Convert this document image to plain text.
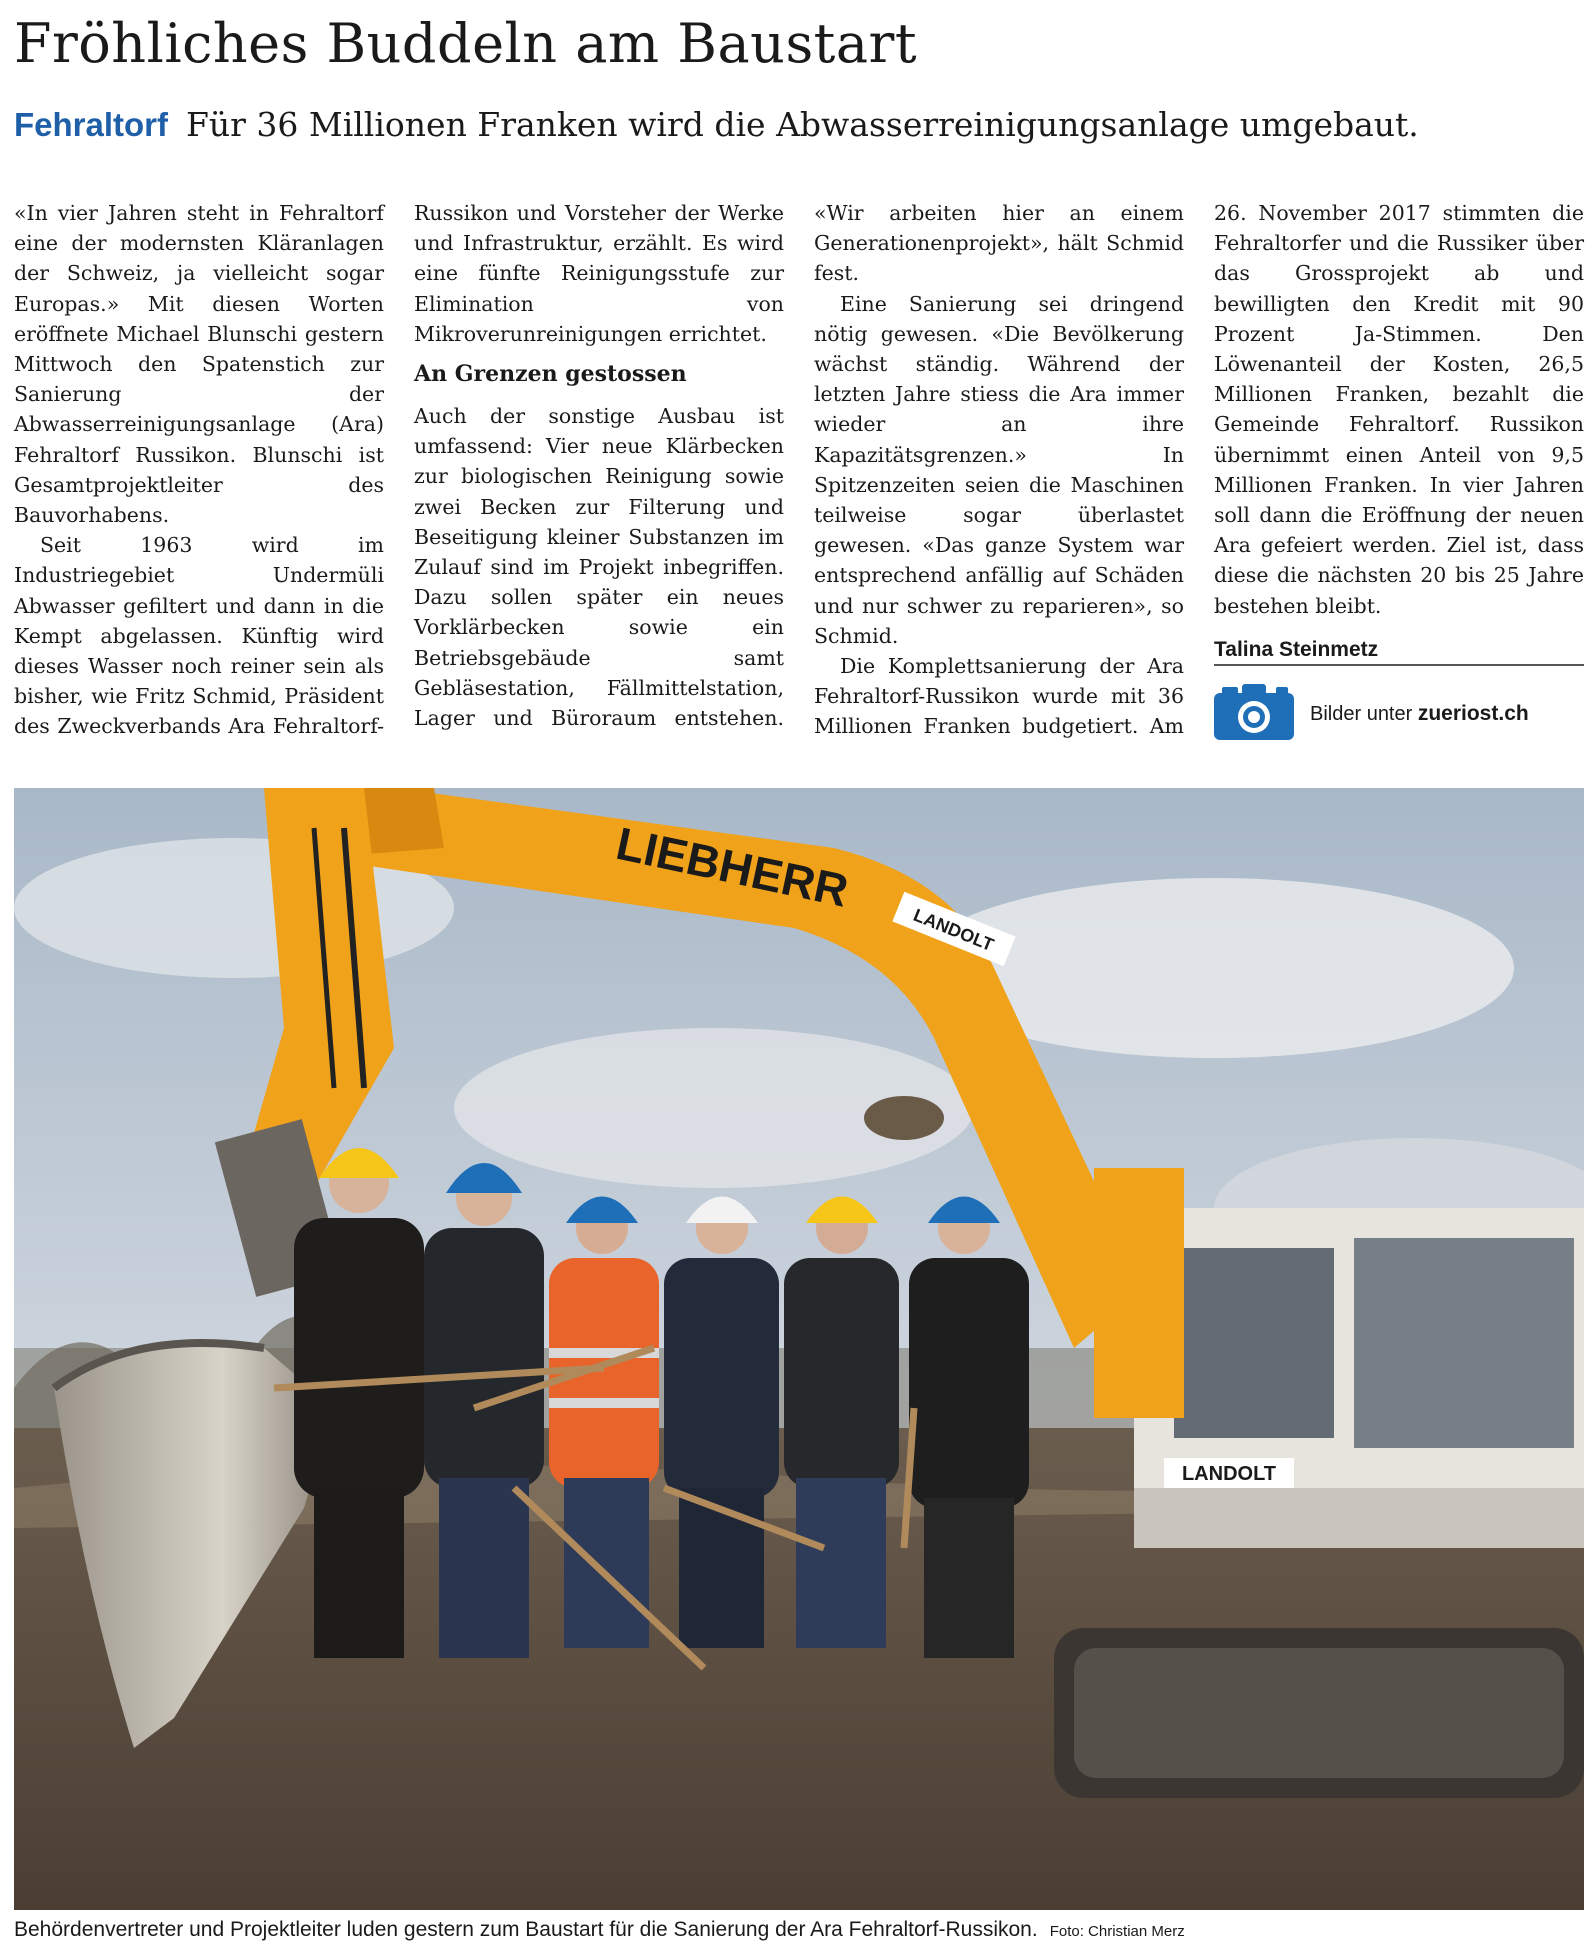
Fröhliches Buddeln am Baustart
Fehraltorf Für 36 Millionen Franken wird die Abwasserreinigungsanlage umgebaut.

«In vier Jahren steht in Fehraltorf eine der modernsten Kläranlagen der Schweiz, ja vielleicht sogar Europas.» Mit diesen Worten eröffnete Michael Blunschi gestern Mittwoch den Spatenstich zur Sanierung der Abwasserreinigungsanlage (Ara) Fehraltorf Russikon. Blunschi ist Gesamtprojektleiter des Bauvorhabens.

Seit 1963 wird im Industriegebiet Undermüli Abwasser gefiltert und dann in die Kempt abgelassen. Künftig wird dieses Wasser noch reiner sein als bisher, wie Fritz Schmid, Präsident des Zweckverbands Ara Fehraltorf-Russikon und Vorsteher der Werke und Infrastruktur, erzählt. Es wird eine fünfte Reinigungsstufe zur Elimination von Mikroverunreinigungen errichtet.

An Grenzen gestossen

Auch der sonstige Ausbau ist umfassend: Vier neue Klärbecken zur biologischen Reinigung sowie zwei Becken zur Filterung und Beseitigung kleiner Substanzen im Zulauf sind im Projekt inbegriffen. Dazu sollen später ein neues Vorklärbecken sowie ein Betriebsgebäude samt Gebläsestation, Fällmittelstation, Lager und Büroraum entstehen. «Wir arbeiten hier an einem Generationenprojekt», hält Schmid fest.

Eine Sanierung sei dringend nötig gewesen. «Die Bevölkerung wächst ständig. Während der letzten Jahre stiess die Ara immer wieder an ihre Kapazitätsgrenzen.» In Spitzenzeiten seien die Maschinen teilweise sogar überlastet gewesen. «Das ganze System war entsprechend anfällig auf Schäden und nur schwer zu reparieren», so Schmid.

Die Komplettsanierung der Ara Fehraltorf-Russikon wurde mit 36 Millionen Franken budgetiert. Am 26. November 2017 stimmten die Fehraltorfer und die Russiker über das Grossprojekt ab und bewilligten den Kredit mit 90 Prozent Ja-Stimmen. Den Löwenanteil der Kosten, 26,5 Millionen Franken, bezahlt die Gemeinde Fehraltorf. Russikon übernimmt einen Anteil von 9,5 Millionen Franken. In vier Jahren soll dann die Eröffnung der neuen Ara gefeiert werden. Ziel ist, dass diese die nächsten 20 bis 25 Jahre bestehen bleibt.

Talina Steinmetz
Bilder unter zueriost.ch
LANDOLT
LIEBHERR
LANDOLT
Behördenvertreter und Projektleiter luden gestern zum Baustart für die Sanierung der Ara Fehraltorf-Russikon. Foto: Christian Merz
